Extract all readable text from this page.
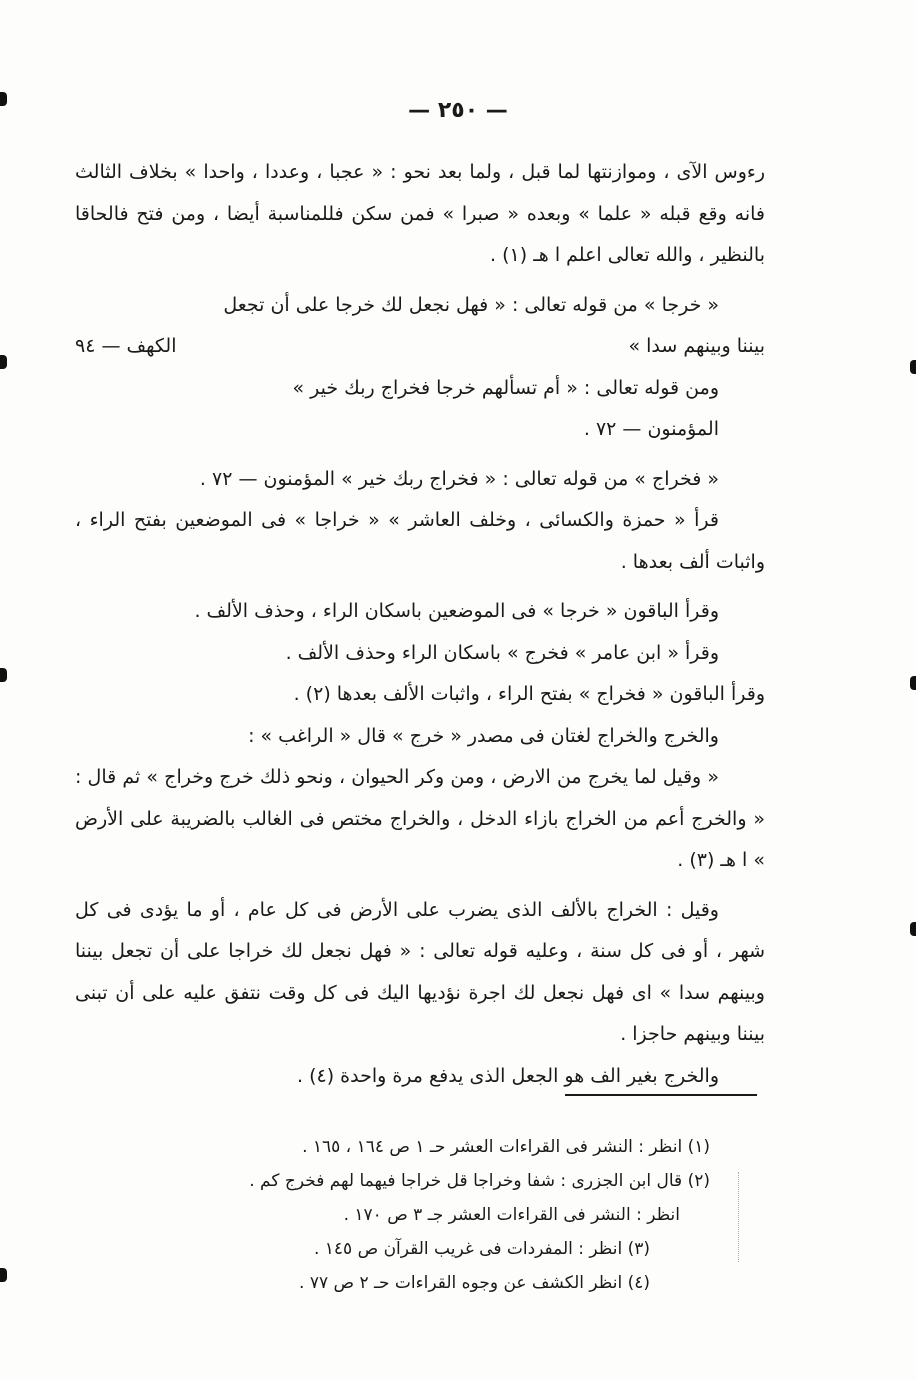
— ٢٥٠ —

رءوس الآى ، وموازنتها لما قبل ، ولما بعد نحو : « عجبا ، وعددا ، واحدا » بخلاف الثالث فانه وقع قبله « علما » وبعده « صبرا » فمن سكن فللمناسبة أيضا ، ومن فتح فالحاقا بالنظير ، والله تعالى اعلم ا هـ (١) .

« خرجا » من قوله تعالى : « فهل نجعل لك خرجا على أن تجعل

بيننا وبينهم سدا »
الكهف — ٩٤

ومن قوله تعالى : « أم تسألهم خرجا فخراج ربك خير »

المؤمنون — ٧٢ .

« فخراج » من قوله تعالى : « فخراج ربك خير » المؤمنون — ٧٢ .

قرأ « حمزة والكسائى ، وخلف العاشر » « خراجا » فى الموضعين بفتح الراء ، واثبات ألف بعدها .

وقرأ الباقون « خرجا » فى الموضعين باسكان الراء ، وحذف الألف .

وقرأ « ابن عامر » فخرج » باسكان الراء وحذف الألف .

وقرأ الباقون « فخراج » بفتح الراء ، واثبات الألف بعدها (٢) .

والخرج والخراج لغتان فى مصدر « خرج » قال « الراغب » :

« وقيل لما يخرج من الارض ، ومن وكر الحيوان ، ونحو ذلك خرج وخراج » ثم قال : « والخرج أعم من الخراج بازاء الدخل ، والخراج مختص فى الغالب بالضريبة على الأرض » ا هـ (٣) .

وقيل : الخراج بالألف الذى يضرب على الأرض فى كل عام ، أو ما يؤدى فى كل شهر ، أو فى كل سنة ، وعليه قوله تعالى : « فهل نجعل لك خراجا على أن تجعل بيننا وبينهم سدا » اى فهل نجعل لك اجرة نؤديها اليك فى كل وقت نتفق عليه على أن تبنى بيننا وبينهم حاجزا .

والخرج بغير الف هو الجعل الذى يدفع مرة واحدة (٤) .

(١) انظر : النشر فى القراءات العشر حـ ١ ص ١٦٤ ، ١٦٥ .
(٢) قال ابن الجزرى : شفا وخراجا قل خراجا فيهما لهم فخرج كم .
انظر : النشر فى القراءات العشر جـ ٣ ص ١٧٠ .
(٣) انظر : المفردات فى غريب القرآن ص ١٤٥ .
(٤) انظر الكشف عن وجوه القراءات حـ ٢ ص ٧٧ .
